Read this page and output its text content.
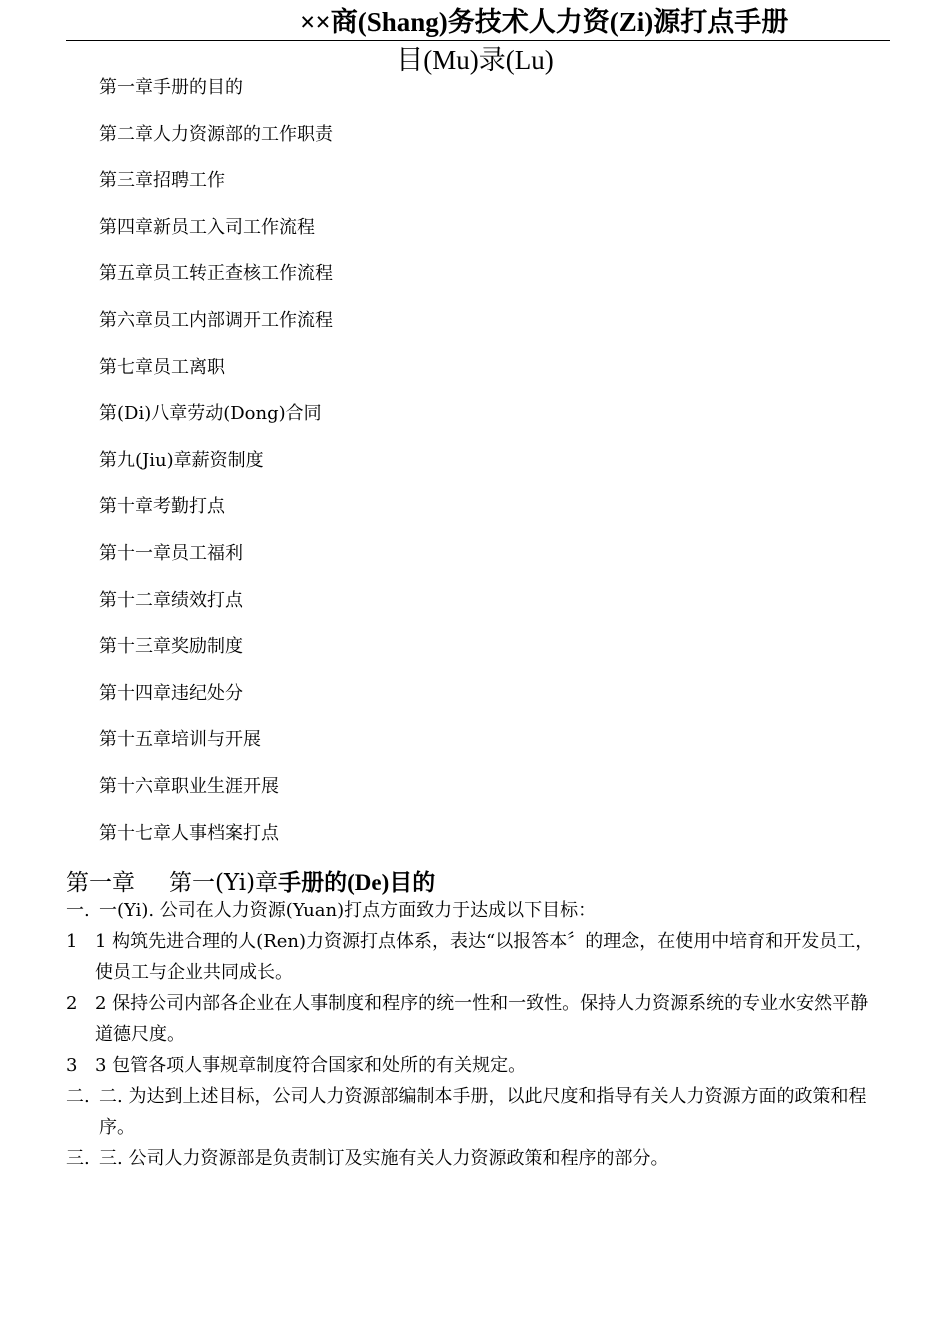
××商(Shang)务技术人力资(Zi)源打点手册
目(Mu)录(Lu)
第一章手册的目的
第二章人力资源部的工作职责
第三章招聘工作
第四章新员工入司工作流程
第五章员工转正查核工作流程
第六章员工内部调开工作流程
第七章员工离职
第(Di)八章劳动(Dong)合同
第九(Jiu)章薪资制度
第十章考勤打点
第十一章员工福利
第十二章绩效打点
第十三章奖励制度
第十四章违纪处分
第十五章培训与开展
第十六章职业生涯开展
第十七章人事档案打点
第一章 第一(Yi)章手册的(De)目的

一. 一(Yi). 公司在人力资源(Yuan)打点方面致力于达成以下目标：

1 1 构筑先进合理的人(Ren)力资源打点体系，表达“以报答本〞的理念，在使用中培育和开发员工，使员工与企业共同成长。

2 2 保持公司内部各企业在人事制度和程序的统一性和一致性。保持人力资源系统的专业水安然平静道德尺度。

3 3 包管各项人事规章制度符合国家和处所的有关规定。

二. 二. 为达到上述目标，公司人力资源部编制本手册，以此尺度和指导有关人力资源方面的政策和程序。

三. 三. 公司人力资源部是负责制订及实施有关人力资源政策和程序的部分。
